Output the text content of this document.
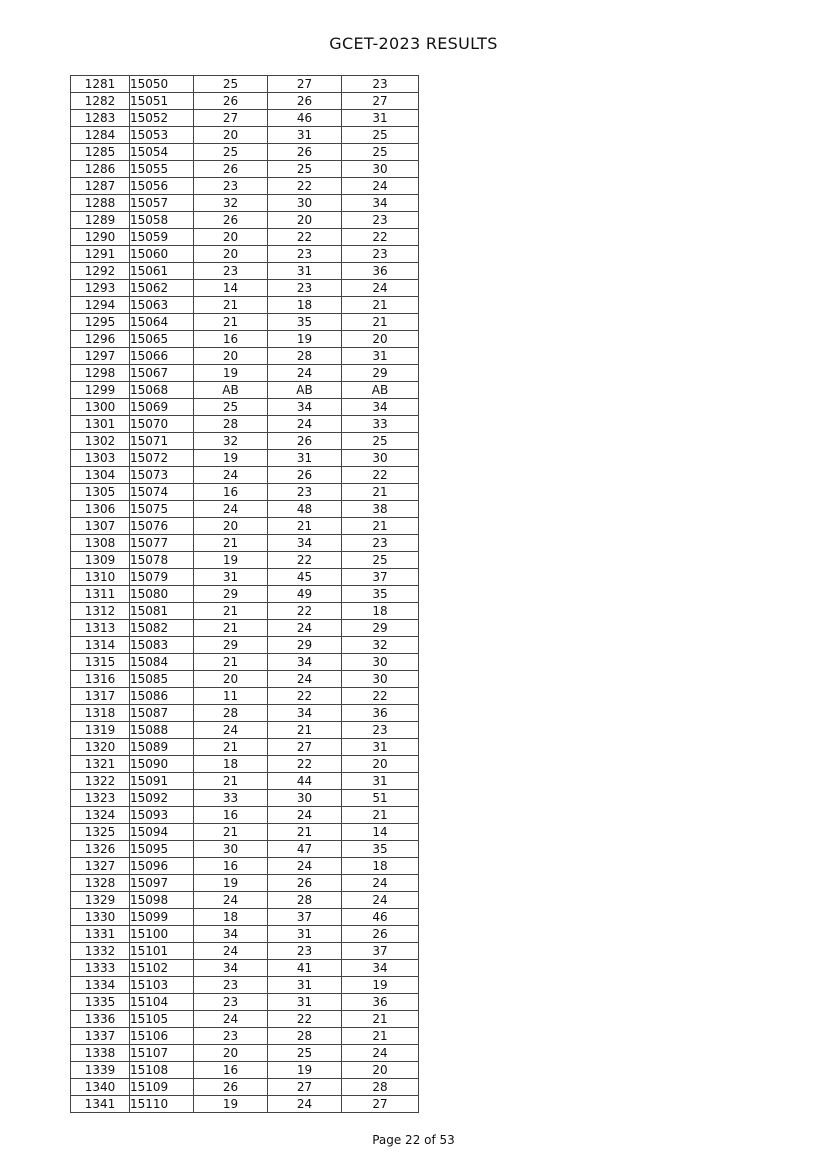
GCET-2023 RESULTS
1281	15050	25	27	23
1282	15051	26	26	27
1283	15052	27	46	31
1284	15053	20	31	25
1285	15054	25	26	25
1286	15055	26	25	30
1287	15056	23	22	24
1288	15057	32	30	34
1289	15058	26	20	23
1290	15059	20	22	22
1291	15060	20	23	23
1292	15061	23	31	36
1293	15062	14	23	24
1294	15063	21	18	21
1295	15064	21	35	21
1296	15065	16	19	20
1297	15066	20	28	31
1298	15067	19	24	29
1299	15068	AB	AB	AB
1300	15069	25	34	34
1301	15070	28	24	33
1302	15071	32	26	25
1303	15072	19	31	30
1304	15073	24	26	22
1305	15074	16	23	21
1306	15075	24	48	38
1307	15076	20	21	21
1308	15077	21	34	23
1309	15078	19	22	25
1310	15079	31	45	37
1311	15080	29	49	35
1312	15081	21	22	18
1313	15082	21	24	29
1314	15083	29	29	32
1315	15084	21	34	30
1316	15085	20	24	30
1317	15086	11	22	22
1318	15087	28	34	36
1319	15088	24	21	23
1320	15089	21	27	31
1321	15090	18	22	20
1322	15091	21	44	31
1323	15092	33	30	51
1324	15093	16	24	21
1325	15094	21	21	14
1326	15095	30	47	35
1327	15096	16	24	18
1328	15097	19	26	24
1329	15098	24	28	24
1330	15099	18	37	46
1331	15100	34	31	26
1332	15101	24	23	37
1333	15102	34	41	34
1334	15103	23	31	19
1335	15104	23	31	36
1336	15105	24	22	21
1337	15106	23	28	21
1338	15107	20	25	24
1339	15108	16	19	20
1340	15109	26	27	28
1341	15110	19	24	27
Page 22 of 53
